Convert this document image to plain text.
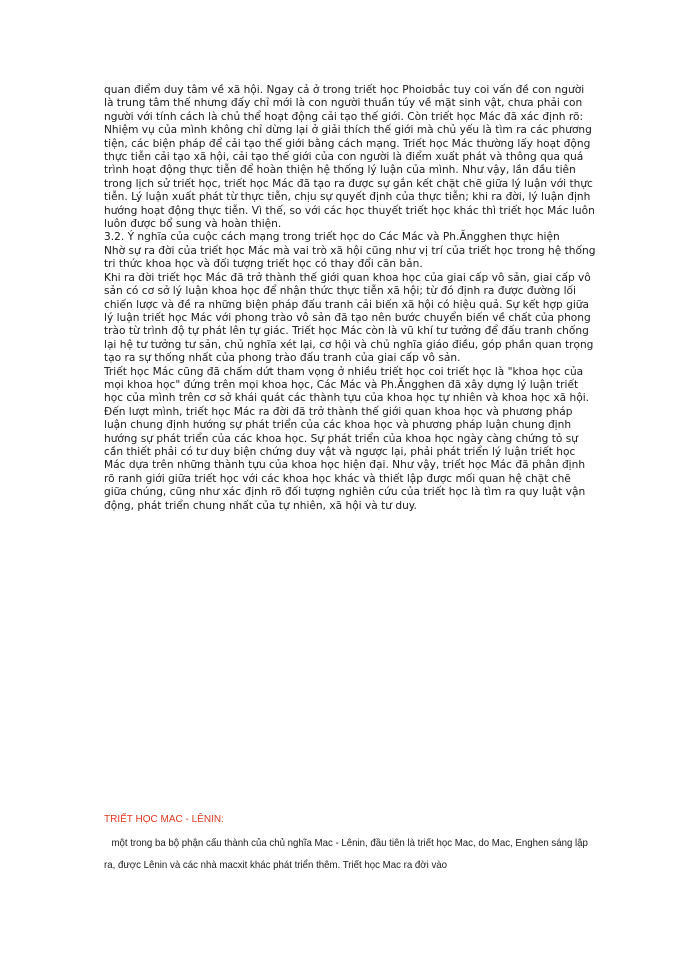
quan điểm duy tâm về xã hội. Ngay cả ở trong triết học Phoiơbắc tuy coi vấn đề con người là trung tâm thế nhưng đấy chỉ mới là con người thuần túy về mặt sinh vật, chưa phải con người với tính cách là chủ thể hoạt động cải tạo thế giới. Còn triết học Mác đã xác định rõ: Nhiệm vụ của mình không chỉ dừng lại ở giải thích thế giới mà chủ yếu là tìm ra các phương tiện, các biện pháp để cải tạo thế giới bằng cách mạng. Triết học Mác thường lấy hoạt động thực tiễn cải tạo xã hội, cải tạo thế giới của con người là điểm xuất phát và thông qua quá trình hoạt động thực tiễn để hoàn thiện hệ thống lý luận của mình. Như vậy, lần đầu tiên trong lịch sử triết học, triết học Mác đã tạo ra được sự gắn kết chặt chẽ giữa lý luận với thực tiễn. Lý luận xuất phát từ thực tiễn, chịu sự quyết định của thực tiễn; khi ra đời, lý luận định hướng hoạt động thực tiễn. Vì thế, so với các học thuyết triết học khác thì triết học Mác luôn luôn được bổ sung và hoàn thiện.

3.2. Ý nghĩa của cuộc cách mạng trong triết học do Các Mác và Ph.Ăngghen thực hiện

Nhờ sự ra đời của triết học Mác mà vai trò xã hội cũng như vị trí của triết học trong hệ thống tri thức khoa học và đối tượng triết học có thay đổi căn bản.

Khi ra đời triết học Mác đã trở thành thế giới quan khoa học của giai cấp vô sản, giai cấp vô sản có cơ sở lý luận khoa học để nhận thức thực tiễn xã hội; từ đó định ra được đường lối chiến lược và đề ra những biện pháp đấu tranh cải biến xã hội có hiệu quả. Sự kết hợp giữa lý luận triết học Mác với phong trào vô sản đã tạo nên bước chuyển biến về chất của phong trào từ trình độ tự phát lên tự giác. Triết học Mác còn là vũ khí tư tưởng để đấu tranh chống lại hệ tư tưởng tư sản, chủ nghĩa xét lại, cơ hội và chủ nghĩa giáo điều, góp phần quan trọng tạo ra sự thống nhất của phong trào đấu tranh của giai cấp vô sản.

Triết học Mác cũng đã chấm dứt tham vọng ở nhiều triết học coi triết học là "khoa học của mọi khoa học" đứng trên mọi khoa học, Các Mác và Ph.Ăngghen đã xây dựng lý luận triết học của mình trên cơ sở khái quát các thành tựu của khoa học tự nhiên và khoa học xã hội. Đến lượt mình, triết học Mác ra đời đã trở thành thế giới quan khoa học và phương pháp luận chung định hướng sự phát triển của các khoa học và phương pháp luận chung định hướng sự phát triển của các khoa học. Sự phát triển của khoa học ngày càng chứng tỏ sự cần thiết phải có tư duy biện chứng duy vật và ngược lại, phải phát triển lý luận triết học Mác dựa trên những thành tựu của khoa học hiện đại. Như vậy, triết học Mác đã phân định rõ ranh giới giữa triết học với các khoa học khác và thiết lập được mối quan hệ chặt chẽ giữa chúng, cũng như xác định rõ đối tượng nghiên cứu của triết học là tìm ra quy luật vận động, phát triển chung nhất của tự nhiên, xã hội và tư duy.

TRIẾT HỌC MAC - LÊNIN:

một trong ba bộ phận cấu thành của chủ nghĩa Mac - Lênin, đầu tiên là triết học Mac, do Mac, Enghen sáng lập ra, được Lênin và các nhà macxit khác phát triển thêm. Triết học Mac ra đời vào
